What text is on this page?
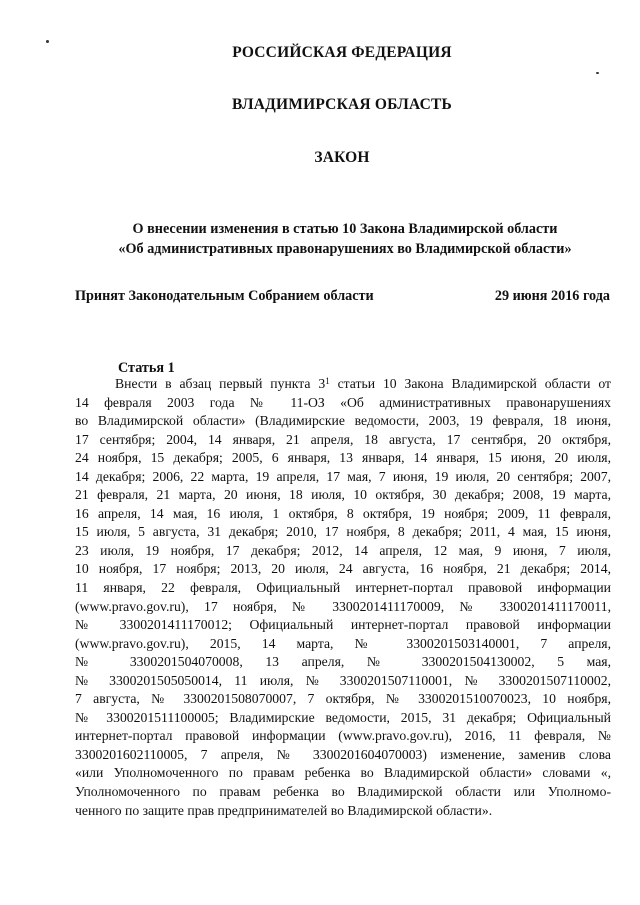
РОССИЙСКАЯ ФЕДЕРАЦИЯ
ВЛАДИМИРСКАЯ ОБЛАСТЬ
ЗАКОН
О внесении изменения в статью 10 Закона Владимирской области
«Об административных правонарушениях во Владимирской области»
Принят Законодательным Собранием области	29 июня 2016 года
Статья 1
Внести в абзац первый пункта $3^1$ статьи 10 Закона Владимирской области от
14 февраля 2003 года № 11-ОЗ «Об административных правонарушениях
во Владимирской области» (Владимирские ведомости, 2003, 19 февраля, 18 июня,
17 сентября; 2004, 14 января, 21 апреля, 18 августа, 17 сентября, 20 октября,
24 ноября, 15 декабря; 2005, 6 января, 13 января, 14 января, 15 июня, 20 июля,
14 декабря; 2006, 22 марта, 19 апреля, 17 мая, 7 июня, 19 июля, 20 сентября; 2007,
21 февраля, 21 марта, 20 июня, 18 июля, 10 октября, 30 декабря; 2008, 19 марта,
16 апреля, 14 мая, 16 июля, 1 октября, 8 октября, 19 ноября; 2009, 11 февраля,
15 июля, 5 августа, 31 декабря; 2010, 17 ноября, 8 декабря; 2011, 4 мая, 15 июня,
23 июля, 19 ноября, 17 декабря; 2012, 14 апреля, 12 мая, 9 июня, 7 июля,
10 ноября, 17 ноября; 2013, 20 июля, 24 августа, 16 ноября, 21 декабря; 2014,
11 января, 22 февраля, Официальный интернет-портал правовой информации
(www.pravo.gov.ru), 17 ноября, № 3300201411170009, № 3300201411170011,
№ 3300201411170012; Официальный интернет-портал правовой информации
(www.pravo.gov.ru), 2015, 14 марта, № 3300201503140001, 7 апреля,
№ 3300201504070008, 13 апреля, № 3300201504130002, 5 мая,
№ 3300201505050014, 11 июля, № 3300201507110001, № 3300201507110002,
7 августа, № 3300201508070007, 7 октября, № 3300201510070023, 10 ноября,
№ 3300201511100005; Владимирские ведомости, 2015, 31 декабря; Официальный
интернет-портал правовой информации (www.pravo.gov.ru), 2016, 11 февраля, №
3300201602110005, 7 апреля, № 3300201604070003) изменение, заменив слова
«или Уполномоченного по правам ребенка во Владимирской области» словами «,
Уполномоченного по правам ребенка во Владимирской области или Уполномо-
ченного по защите прав предпринимателей во Владимирской области».
